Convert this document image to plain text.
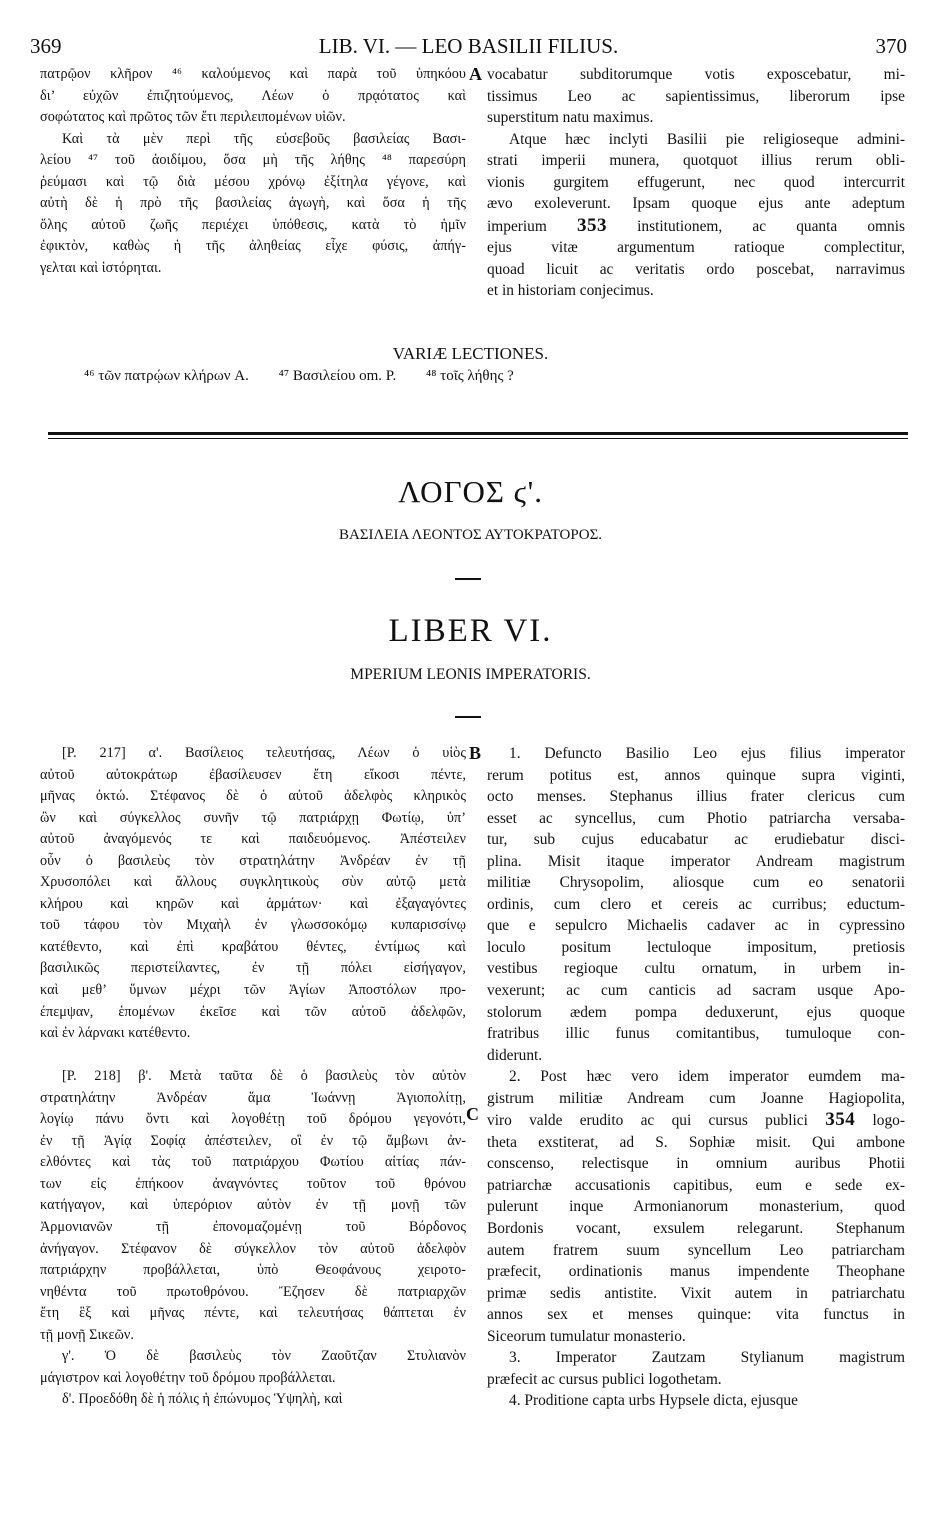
369	LIB. VI. — LEO BASILII FILIUS.	370

πατρῷον κλῆρον ⁴⁶ καλούμενος καὶ παρὰ τοῦ ὑπηκόου

δι’ εὐχῶν ἐπιζητούμενος, Λέων ὁ πρᾳότατος καὶ

σοφώτατος καὶ πρῶτος τῶν ἔτι περιλειπομένων υἱῶν.

Καὶ τὰ μὲν περὶ τῆς εὐσεβοῦς βασιλείας Βασι-

λείου ⁴⁷ τοῦ ἀοιδίμου, ὅσα μὴ τῆς λήθης ⁴⁸ παρεσύρη

ῥεύμασι καὶ τῷ διὰ μέσου χρόνῳ ἐξίτηλα γέγονε, καὶ

αὐτὴ δὲ ἡ πρὸ τῆς βασιλείας ἀγωγὴ, καὶ ὅσα ἡ τῆς

ὅλης αὐτοῦ ζωῆς περιέχει ὑπόθεσις, κατὰ τὸ ἡμῖν

ἐφικτὸν, καθὼς ἡ τῆς ἀληθείας εἶχε φύσις, ἀπήγ-

γελται καὶ ἱστόρηται.

A vocabatur subditorumque votis exposcebatur, mi-

tissimus Leo ac sapientissimus, liberorum ipse

superstitum natu maximus.

Atque hæc inclyti Basilii pie religioseque admini-

strati imperii munera, quotquot illius rerum obli-

vionis gurgitem effugerunt, nec quod intercurrit

ævo exoleverunt. Ipsam quoque ejus ante adeptum

imperium 353 institutionem, ac quanta omnis

ejus vitæ argumentum ratioque complectitur,

quoad licuit ac veritatis ordo poscebat, narravimus

et in historiam conjecimus.

VARIÆ LECTIONES.
⁴⁶ τῶν πατρῴων κλήρων A. ⁴⁷ Βασιλείου om. P. ⁴⁸ τοῖς λήθης ?
ΛΟΓΟΣ ϛ'.
ΒΑΣΙΛΕΙΑ ΛΕΟΝΤΟΣ ΑΥΤΟΚΡΑΤΟΡΟΣ.
LIBER VI.
MPERIUM LEONIS IMPERATORIS.

[P. 217] α'. Βασίλειος τελευτήσας, Λέων ὁ υἱὸς

αὐτοῦ αὐτοκράτωρ ἐβασίλευσεν ἔτη εἴκοσι πέντε,

μῆνας ὀκτώ. Στέφανος δὲ ὁ αὐτοῦ ἀδελφὸς κληρικὸς

ὢν καὶ σύγκελλος συνῆν τῷ πατριάρχῃ Φωτίῳ, ὑπ’

αὐτοῦ ἀναγόμενός τε καὶ παιδευόμενος. Ἀπέστειλεν

οὖν ὁ βασιλεὺς τὸν στρατηλάτην Ἀνδρέαν ἐν τῇ

Χρυσοπόλει καὶ ἄλλους συγκλητικοὺς σὺν αὐτῷ μετὰ

κλήρου καὶ κηρῶν καὶ ἁρμάτων· καὶ ἐξαγαγόντες

τοῦ τάφου τὸν Μιχαὴλ ἐν γλωσσοκόμῳ κυπαρισσίνῳ

κατέθεντο, καὶ ἐπὶ κραβάτου θέντες, ἐντίμως καὶ

βασιλικῶς περιστείλαντες, ἐν τῇ πόλει εἰσήγαγον,

καὶ μεθ’ ὕμνων μέχρι τῶν Ἁγίων Ἀποστόλων προ-

έπεμψαν, ἑπομένων ἐκεῖσε καὶ τῶν αὐτοῦ ἀδελφῶν,

καὶ ἐν λάρνακι κατέθεντο.

[P. 218] β'. Μετὰ ταῦτα δὲ ὁ βασιλεὺς τὸν αὐτὸν

στρατηλάτην Ἀνδρέαν ἅμα Ἰωάννῃ Ἁγιοπολίτῃ,

λογίῳ πάνυ ὄντι καὶ λογοθέτῃ τοῦ δρόμου γεγονότι,

ἐν τῇ Ἁγίᾳ Σοφίᾳ ἀπέστειλεν, οἳ ἐν τῷ ἄμβωνι ἀν-

ελθόντες καὶ τὰς τοῦ πατριάρχου Φωτίου αἰτίας πάν-

των εἰς ἐπήκοον ἀναγνόντες τοῦτον τοῦ θρόνου

κατήγαγον, καὶ ὑπερόριον αὐτὸν ἐν τῇ μονῇ τῶν

Ἀρμονιανῶν τῇ ἐπονομαζομένῃ τοῦ Βόρδονος

ἀνήγαγον. Στέφανον δὲ σύγκελλον τὸν αὐτοῦ ἀδελφὸν

πατριάρχην προβάλλεται, ὑπὸ Θεοφάνους χειροτο-

νηθέντα τοῦ πρωτοθρόνου. Ἔζησεν δὲ πατριαρχῶν

ἔτη ἓξ καὶ μῆνας πέντε, καὶ τελευτήσας θάπτεται ἐν

τῇ μονῇ Σικεῶν.

γ'. Ὁ δὲ βασιλεὺς τὸν Ζαοῦτζαν Στυλιανὸν

μάγιστρον καὶ λογοθέτην τοῦ δρόμου προβάλλεται.

δ'. Προεδόθη δὲ ἡ πόλις ἡ ἐπώνυμος Ὑψηλὴ, καὶ

B
C

1. Defuncto Basilio Leo ejus filius imperator

rerum potitus est, annos quinque supra viginti,

octo menses. Stephanus illius frater clericus cum

esset ac syncellus, cum Photio patriarcha versaba-

tur, sub cujus educabatur ac erudiebatur disci-

plina. Misit itaque imperator Andream magistrum

militiæ Chrysopolim, aliosque cum eo senatorii

ordinis, cum clero et cereis ac curribus; eductum-

que e sepulcro Michaelis cadaver ac in cypressino

loculo positum lectuloque impositum, pretiosis

vestibus regioque cultu ornatum, in urbem in-

vexerunt; ac cum canticis ad sacram usque Apo-

stolorum ædem pompa deduxerunt, ejus quoque

fratribus illic funus comitantibus, tumuloque con-

diderunt.

2. Post hæc vero idem imperator eumdem ma-

gistrum militiæ Andream cum Joanne Hagiopolita,

viro valde erudito ac qui cursus publici 354 logo-

theta exstiterat, ad S. Sophiæ misit. Qui ambone

conscenso, relectisque in omnium auribus Photii

patriarchæ accusationis capitibus, eum e sede ex-

pulerunt inque Armonianorum monasterium, quod

Bordonis vocant, exsulem relegarunt. Stephanum

autem fratrem suum syncellum Leo patriarcham

præfecit, ordinationis manus impendente Theophane

primæ sedis antistite. Vixit autem in patriarchatu

annos sex et menses quinque: vita functus in

Siceorum tumulatur monasterio.

3. Imperator Zautzam Stylianum magistrum

præfecit ac cursus publici logothetam.

4. Proditione capta urbs Hypsele dicta, ejusque
